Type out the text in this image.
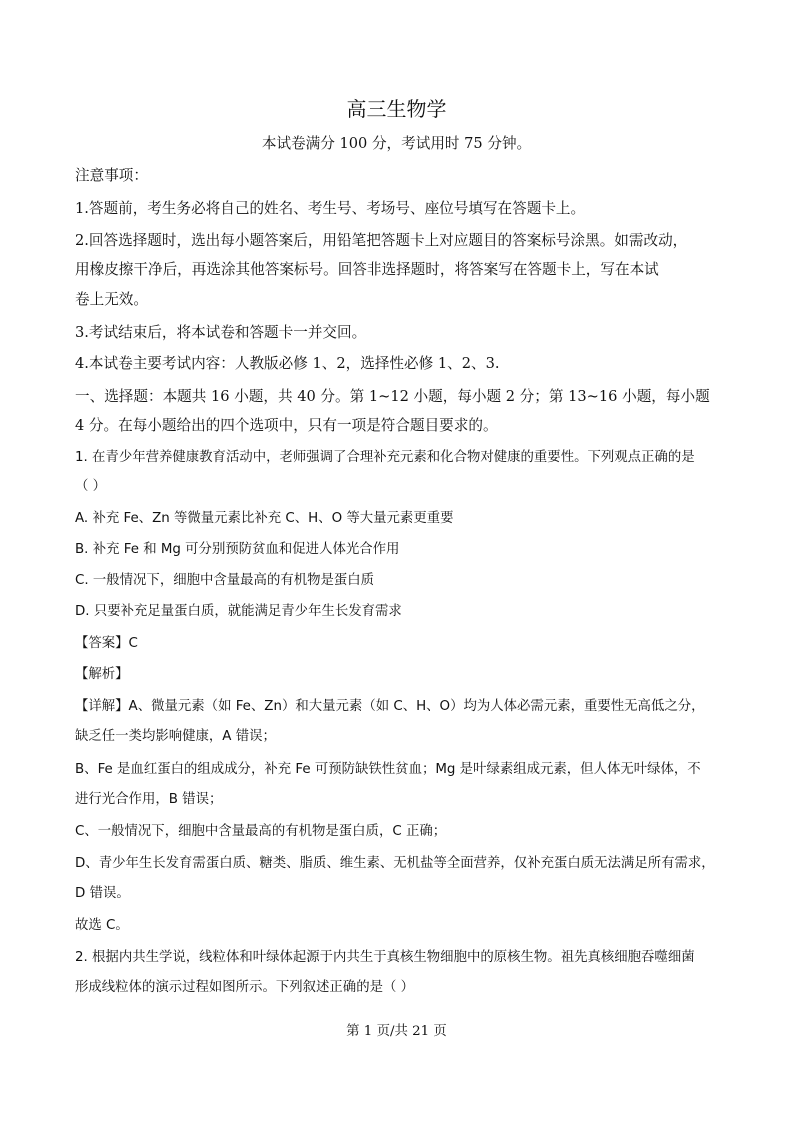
高三生物学
本试卷满分 100 分，考试用时 75 分钟。
注意事项：
1.答题前，考生务必将自己的姓名、考生号、考场号、座位号填写在答题卡上。
2.回答选择题时，选出每小题答案后，用铅笔把答题卡上对应题目的答案标号涂黑。如需改动，
用橡皮擦干净后，再选涂其他答案标号。回答非选择题时，将答案写在答题卡上，写在本试
卷上无效。
3.考试结束后，将本试卷和答题卡一并交回。
4.本试卷主要考试内容：人教版必修 1、2，选择性必修 1、2、3.
一、选择题：本题共 16 小题，共 40 分。第 1~12 小题，每小题 2 分；第 13~16 小题，每小题
4 分。在每小题给出的四个选项中，只有一项是符合题目要求的。
1. 在青少年营养健康教育活动中，老师强调了合理补充元素和化合物对健康的重要性。下列观点正确的是
（ ）
A. 补充 Fe、Zn 等微量元素比补充 C、H、O 等大量元素更重要
B. 补充 Fe 和 Mg 可分别预防贫血和促进人体光合作用
C. 一般情况下，细胞中含量最高的有机物是蛋白质
D. 只要补充足量蛋白质，就能满足青少年生长发育需求
【答案】C
【解析】
【详解】A、微量元素（如 Fe、Zn）和大量元素（如 C、H、O）均为人体必需元素，重要性无高低之分，
缺乏任一类均影响健康，A 错误；
B、Fe 是血红蛋白的组成成分，补充 Fe 可预防缺铁性贫血；Mg 是叶绿素组成元素，但人体无叶绿体，不
进行光合作用，B 错误；
C、一般情况下，细胞中含量最高的有机物是蛋白质，C 正确；
D、青少年生长发育需蛋白质、糖类、脂质、维生素、无机盐等全面营养，仅补充蛋白质无法满足所有需求，
D 错误。
故选 C。
2. 根据内共生学说，线粒体和叶绿体起源于内共生于真核生物细胞中的原核生物。祖先真核细胞吞噬细菌
形成线粒体的演示过程如图所示。下列叙述正确的是（ ）
第 1 页/共 21 页
